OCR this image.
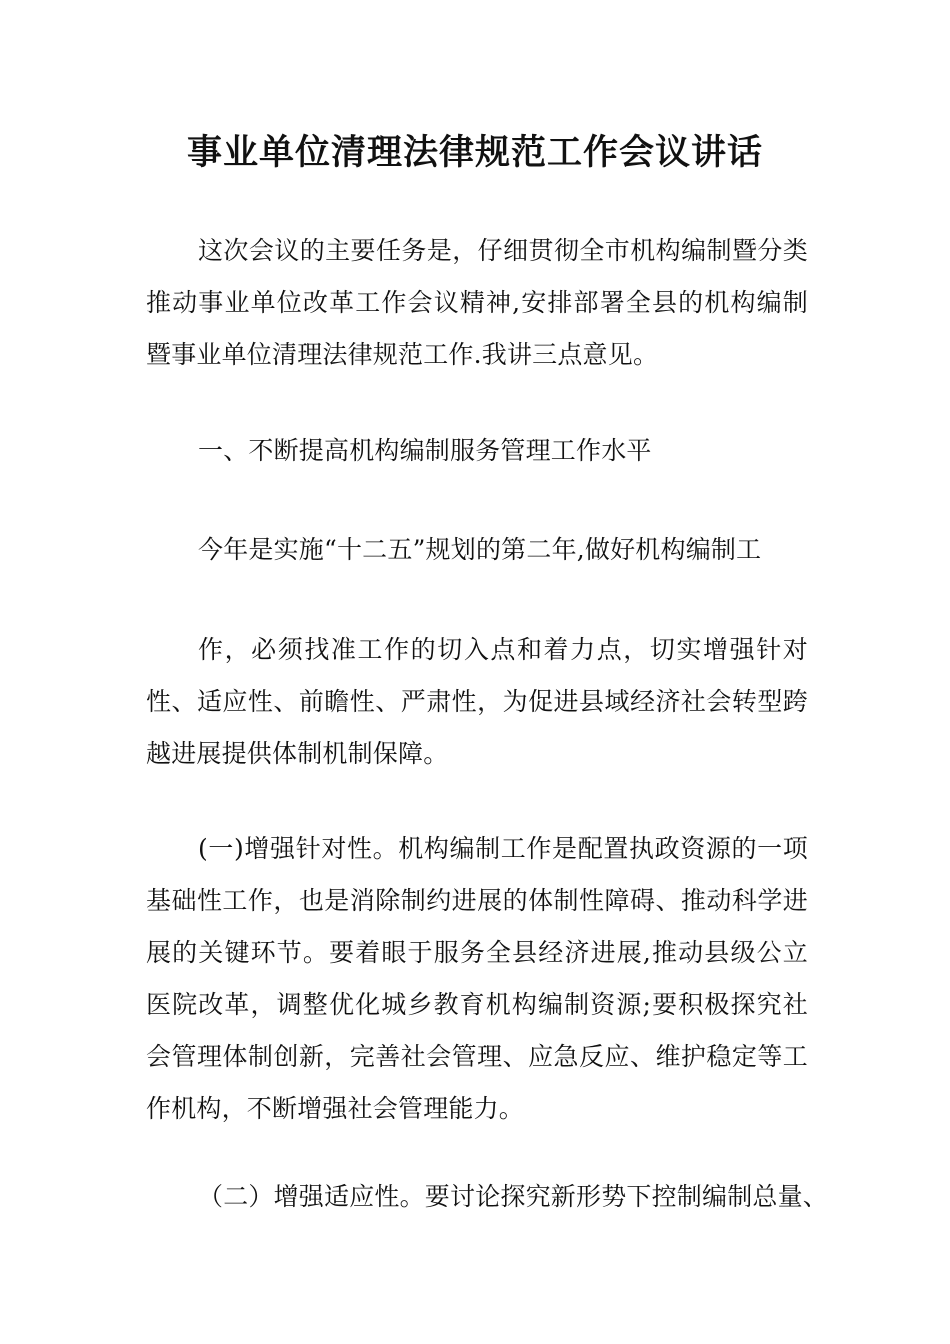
事业单位清理法律规范工作会议讲话
这次会议的主要任务是，仔细贯彻全市机构编制暨分类推动事业单位改革工作会议精神,安排部署全县的机构编制暨事业单位清理法律规范工作.我讲三点意见。
一、不断提高机构编制服务管理工作水平
今年是实施“十二五”规划的第二年,做好机构编制工
作，必须找准工作的切入点和着力点，切实增强针对性、适应性、前瞻性、严肃性，为促进县域经济社会转型跨越进展提供体制机制保障。
(一)增强针对性。机构编制工作是配置执政资源的一项基础性工作，也是消除制约进展的体制性障碍、推动科学进展的关键环节。要着眼于服务全县经济进展,推动县级公立医院改革，调整优化城乡教育机构编制资源;要积极探究社会管理体制创新，完善社会管理、应急反应、维护稳定等工作机构，不断增强社会管理能力。
（二）增强适应性。要讨论探究新形势下控制编制总量、
